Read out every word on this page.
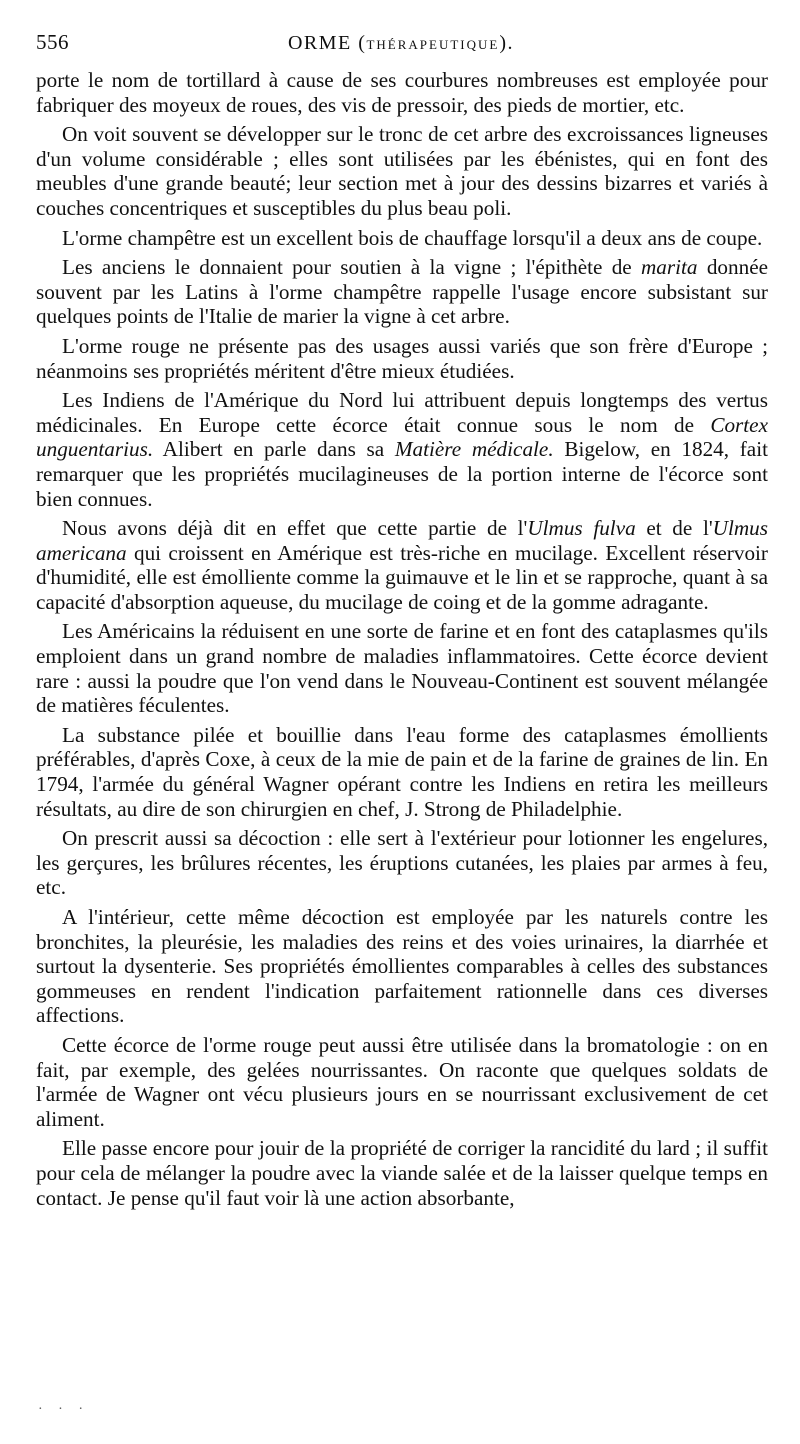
556	ORME (THÉRAPEUTIQUE).

porte le nom de tortillard à cause de ses courbures nombreuses est employée pour fabriquer des moyeux de roues, des vis de pressoir, des pieds de mortier, etc.

On voit souvent se développer sur le tronc de cet arbre des excroissances ligneuses d'un volume considérable ; elles sont utilisées par les ébénistes, qui en font des meubles d'une grande beauté; leur section met à jour des dessins bizarres et variés à couches concentriques et susceptibles du plus beau poli.

L'orme champêtre est un excellent bois de chauffage lorsqu'il a deux ans de coupe.

Les anciens le donnaient pour soutien à la vigne ; l'épithète de marita donnée souvent par les Latins à l'orme champêtre rappelle l'usage encore subsistant sur quelques points de l'Italie de marier la vigne à cet arbre.

L'orme rouge ne présente pas des usages aussi variés que son frère d'Europe ; néanmoins ses propriétés méritent d'être mieux étudiées.

Les Indiens de l'Amérique du Nord lui attribuent depuis longtemps des vertus médicinales. En Europe cette écorce était connue sous le nom de Cortex unguentarius. Alibert en parle dans sa Matière médicale. Bigelow, en 1824, fait remarquer que les propriétés mucilagineuses de la portion interne de l'écorce sont bien connues.

Nous avons déjà dit en effet que cette partie de l'Ulmus fulva et de l'Ulmus americana qui croissent en Amérique est très-riche en mucilage. Excellent réservoir d'humidité, elle est émolliente comme la guimauve et le lin et se rapproche, quant à sa capacité d'absorption aqueuse, du mucilage de coing et de la gomme adragante.

Les Américains la réduisent en une sorte de farine et en font des cataplasmes qu'ils emploient dans un grand nombre de maladies inflammatoires. Cette écorce devient rare : aussi la poudre que l'on vend dans le Nouveau-Continent est souvent mélangée de matières féculentes.

La substance pilée et bouillie dans l'eau forme des cataplasmes émollients préférables, d'après Coxe, à ceux de la mie de pain et de la farine de graines de lin. En 1794, l'armée du général Wagner opérant contre les Indiens en retira les meilleurs résultats, au dire de son chirurgien en chef, J. Strong de Philadelphie.

On prescrit aussi sa décoction : elle sert à l'extérieur pour lotionner les engelures, les gerçures, les brûlures récentes, les éruptions cutanées, les plaies par armes à feu, etc.

A l'intérieur, cette même décoction est employée par les naturels contre les bronchites, la pleurésie, les maladies des reins et des voies urinaires, la diarrhée et surtout la dysenterie. Ses propriétés émollientes comparables à celles des substances gommeuses en rendent l'indication parfaitement rationnelle dans ces diverses affections.

Cette écorce de l'orme rouge peut aussi être utilisée dans la bromatologie : on en fait, par exemple, des gelées nourrissantes. On raconte que quelques soldats de l'armée de Wagner ont vécu plusieurs jours en se nourrissant exclusivement de cet aliment.

Elle passe encore pour jouir de la propriété de corriger la rancidité du lard ; il suffit pour cela de mélanger la poudre avec la viande salée et de la laisser quelque temps en contact. Je pense qu'il faut voir là une action absorbante,

· · ·
